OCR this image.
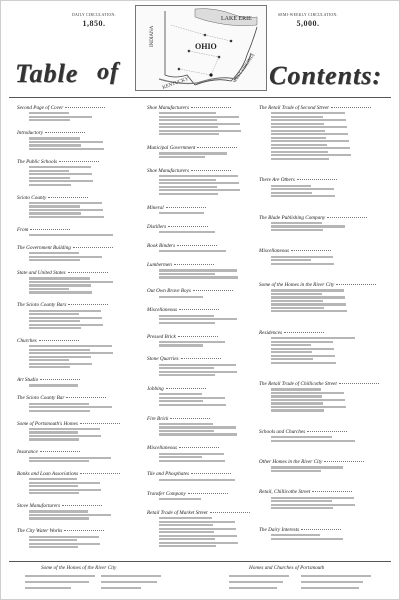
DAILY CIRCULATION:
1,850.
SEMI-WEEKLY CIRCULATION:
5,000.
Table of	Contents:
LAKE ERIE
OHIO
INDIANA
KENTUCKY
WEST VIRGINIA
Second Page of Cover
Introductory
The Public Schools
Scioto County
From
The Government Building
State and United States
The Scioto County Bars
Churches
Art Studio
The Scioto County Bar
Some of Portsmouth's Homes
Insurance
Banks and Loan Associations
Stove Manufacturers
The City Water Works
Shoe Manufacturers
Municipal Government
Shoe Manufacturers
Mineral
Distillers
Book Binders
Lumbermen
Out Own Brave Boys
Miscellaneous
Pressed Brick
Stone Quarries
Jobbing
Fire Brick
Miscellaneous
Tile and Phosphates
Transfer Company
Retail Trade of Market Street
The Retail Trade of Second Street
There Are Others
The Blade Publishing Company
Miscellaneous
Some of the Homes in the River City
Residences
The Retail Trade of Chillicothe Street
Schools and Churches
Other Homes in the River City
Retail, Chillicothe Street
The Dairy Interests
Some of the Homes of the River City	Homes and Churches of Portsmouth
